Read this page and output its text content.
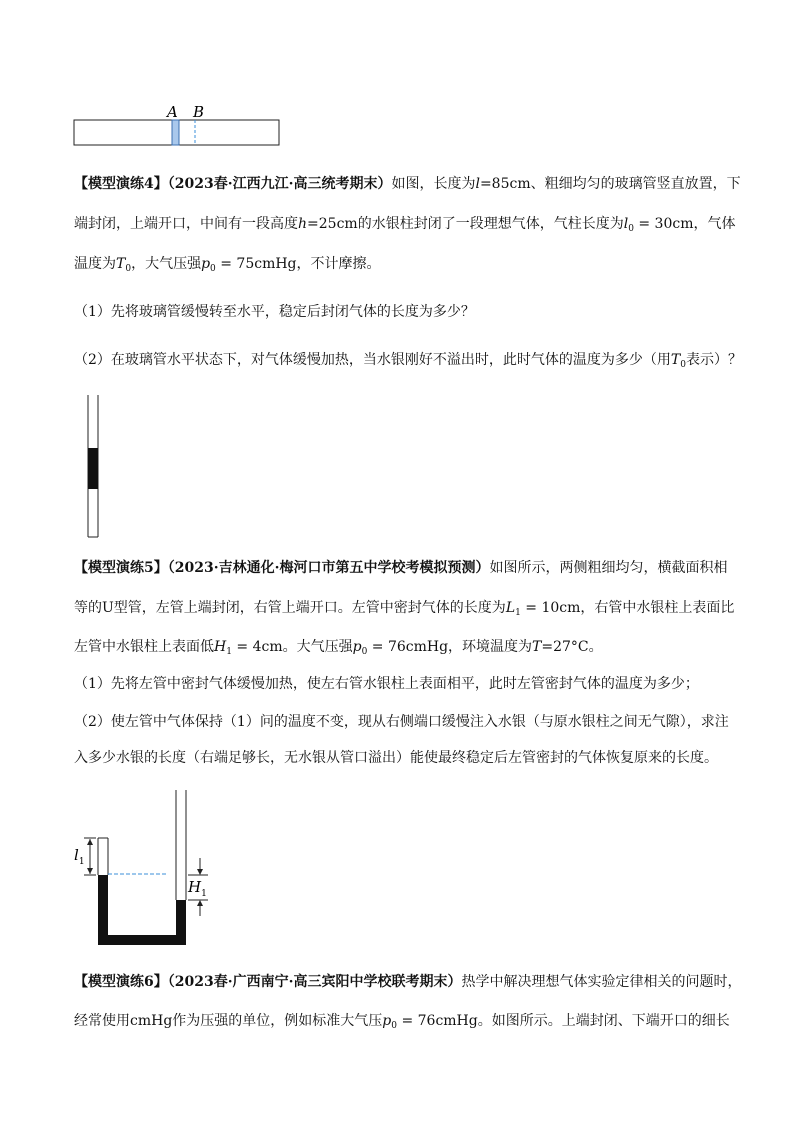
A B
【模型演练4】（2023春·江西九江·高三统考期末）如图，长度为l=85cm、粗细均匀的玻璃管竖直放置，下
端封闭，上端开口，中间有一段高度h=25cm的水银柱封闭了一段理想气体，气柱长度为$l_0 = 30cm$，气体
温度为$T_0$，大气压强$p_0$ = 75cmHg，不计摩擦。
（1）先将玻璃管缓慢转至水平，稳定后封闭气体的长度为多少？
（2）在玻璃管水平状态下，对气体缓慢加热，当水银刚好不溢出时，此时气体的温度为多少（用$T_0$表示）？
【模型演练5】（2023·吉林通化·梅河口市第五中学校考模拟预测）如图所示，两侧粗细均匀，横截面积相
等的U型管，左管上端封闭，右管上端开口。左管中密封气体的长度为$L_1 = 10cm$，右管中水银柱上表面比
左管中水银柱上表面低$H_1 = 4cm$。大气压强$p_0$ = 76cmHg，环境温度为T=27°C。
（1）先将左管中密封气体缓慢加热，使左右管水银柱上表面相平，此时左管密封气体的温度为多少；
（2）使左管中气体保持（1）问的温度不变，现从右侧端口缓慢注入水银（与原水银柱之间无气隙），求注
入多少水银的长度（右端足够长，无水银从管口溢出）能使最终稳定后左管密封的气体恢复原来的长度。
$l_1$
$H_1$
【模型演练6】（2023春·广西南宁·高三宾阳中学校联考期末）热学中解决理想气体实验定律相关的问题时，
经常使用cmHg作为压强的单位，例如标准大气压$p_0$ = 76cmHg。如图所示。上端封闭、下端开口的细长
